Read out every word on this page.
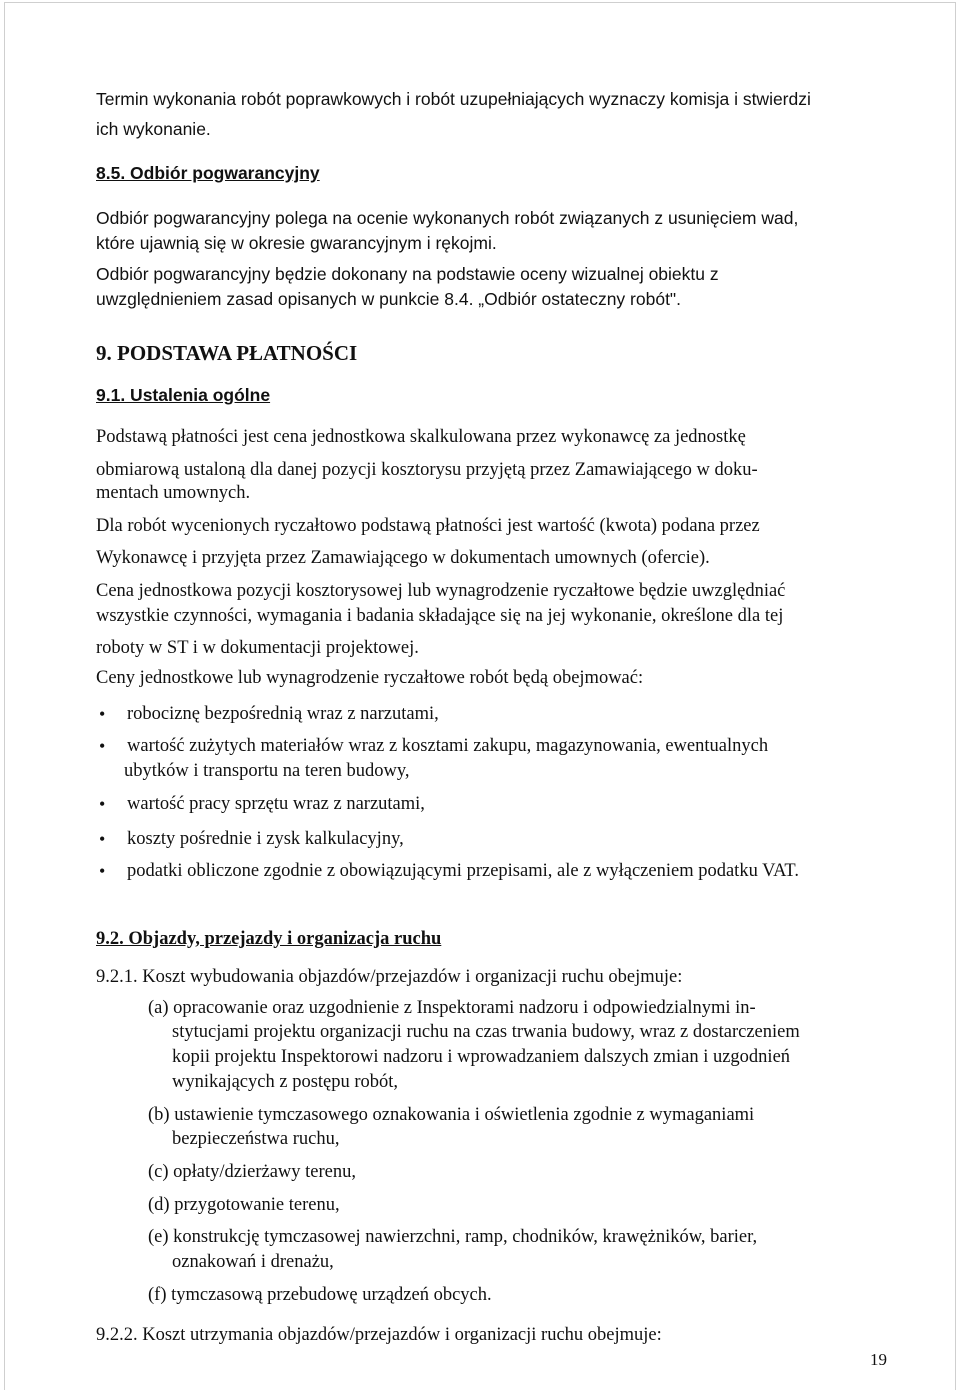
Termin wykonania robót poprawkowych i robót uzupełniających wyznaczy komisja i stwierdzi
ich wykonanie.
8.5. Odbiór pogwarancyjny
Odbiór pogwarancyjny polega na ocenie wykonanych robót związanych z usunięciem wad,
które ujawnią się w okresie gwarancyjnym i rękojmi.
Odbiór pogwarancyjny będzie dokonany na podstawie oceny wizualnej obiektu z
uwzględnieniem zasad opisanych w punkcie 8.4. „Odbiór ostateczny robót".
9. PODSTAWA PŁATNOŚCI
9.1. Ustalenia ogólne
Podstawą płatności jest cena jednostkowa skalkulowana przez wykonawcę za jednostkę
obmiarową ustaloną dla danej pozycji kosztorysu przyjętą przez Zamawiającego w doku-
mentach umownych.
Dla robót wycenionych ryczałtowo podstawą płatności jest wartość (kwota) podana przez
Wykonawcę i przyjęta przez Zamawiającego w dokumentach umownych (ofercie).
Cena jednostkowa pozycji kosztorysowej lub wynagrodzenie ryczałtowe będzie uwzględniać
wszystkie czynności, wymagania i badania składające się na jej wykonanie, określone dla tej
roboty w ST i w dokumentacji projektowej.
Ceny jednostkowe lub wynagrodzenie ryczałtowe robót będą obejmować:
• robociznę bezpośrednią wraz z narzutami,
• wartość zużytych materiałów wraz z kosztami zakupu, magazynowania, ewentualnych
ubytków i transportu na teren budowy,
• wartość pracy sprzętu wraz z narzutami,
• koszty pośrednie i zysk kalkulacyjny,
• podatki obliczone zgodnie z obowiązującymi przepisami, ale z wyłączeniem podatku VAT.
9.2. Objazdy, przejazdy i organizacja ruchu
9.2.1. Koszt wybudowania objazdów/przejazdów i organizacji ruchu obejmuje:
(a) opracowanie oraz uzgodnienie z Inspektorami nadzoru i odpowiedzialnymi in-
stytucjami projektu organizacji ruchu na czas trwania budowy, wraz z dostarczeniem
kopii projektu Inspektorowi nadzoru i wprowadzaniem dalszych zmian i uzgodnień
wynikających z postępu robót,
(b) ustawienie tymczasowego oznakowania i oświetlenia zgodnie z wymaganiami
bezpieczeństwa ruchu,
(c) opłaty/dzierżawy terenu,
(d) przygotowanie terenu,
(e) konstrukcję tymczasowej nawierzchni, ramp, chodników, krawężników, barier,
oznakowań i drenażu,
(f) tymczasową przebudowę urządzeń obcych.
9.2.2. Koszt utrzymania objazdów/przejazdów i organizacji ruchu obejmuje:
19
